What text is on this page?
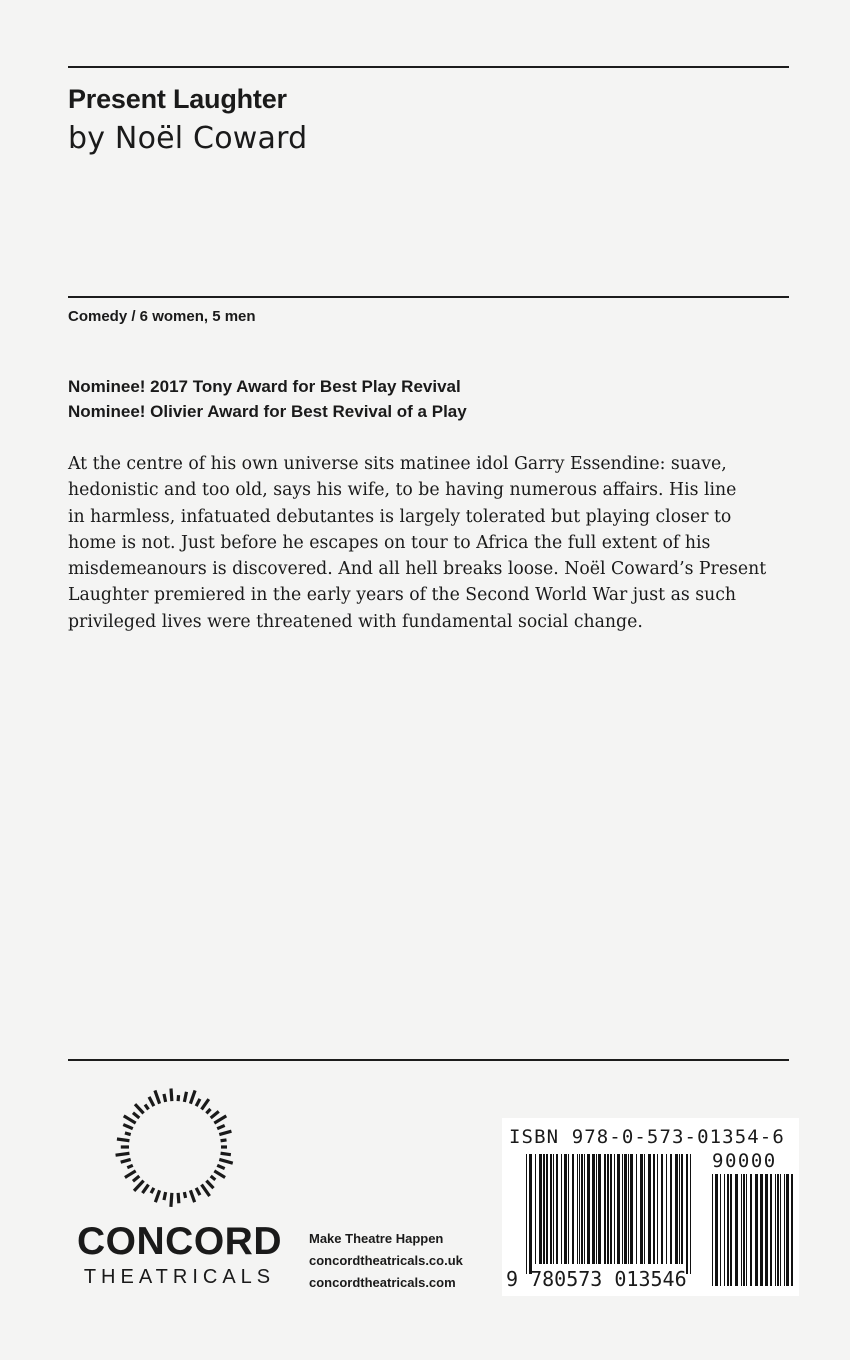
Present Laughter
by Noël Coward

Comedy / 6 women, 5 men

Nominee! 2017 Tony Award for Best Play Revival
Nominee! Olivier Award for Best Revival of a Play
At the centre of his own universe sits matinee idol Garry Essendine: suave,
hedonistic and too old, says his wife, to be having numerous affairs. His line
in harmless, infatuated debutantes is largely tolerated but playing closer to
home is not. Just before he escapes on tour to Africa the full extent of his
misdemeanours is discovered. And all hell breaks loose. Noël Coward’s Present
Laughter premiered in the early years of the Second World War just as such
privileged lives were threatened with fundamental social change.
CONCORD
THEATRICALS
Make Theatre Happen
concordtheatricals.co.uk
concordtheatricals.com
ISBN 978-0-573-01354-6
90000
9 780573 013546
